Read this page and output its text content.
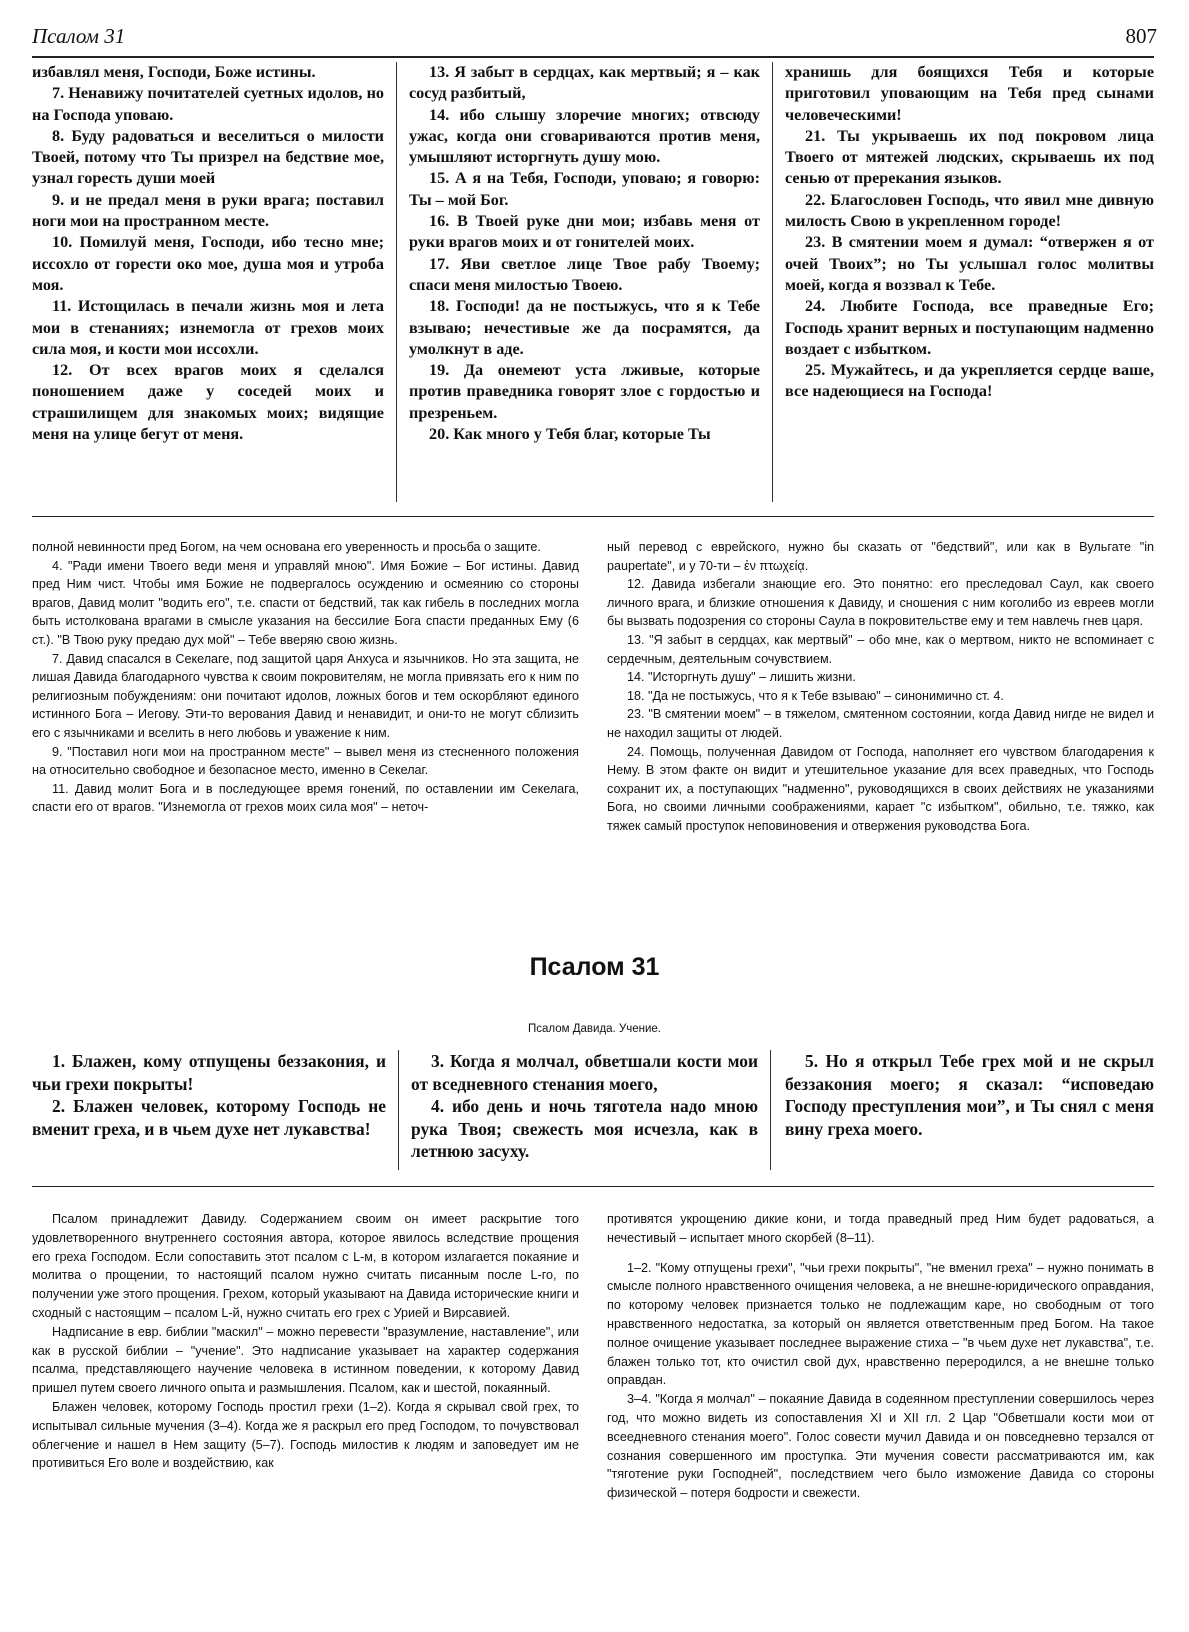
Псалом 31	807

избавлял меня, Господи, Боже истины.

7. Ненавижу почитателей суетных идолов, но на Господа уповаю.

8. Буду радоваться и веселиться о милости Твоей, потому что Ты призрел на бедствие мое, узнал горесть души моей

9. и не предал меня в руки врага; поставил ноги мои на пространном месте.

10. Помилуй меня, Господи, ибо тесно мне; иссохло от горести око мое, душа моя и утроба моя.

11. Истощилась в печали жизнь моя и лета мои в стенаниях; изнемогла от грехов моих сила моя, и кости мои иссохли.

12. От всех врагов моих я сделался поношением даже у соседей моих и страшилищем для знакомых моих; видящие меня на улице бегут от меня.

13. Я забыт в сердцах, как мертвый; я – как сосуд разбитый,

14. ибо слышу злоречие многих; отвсюду ужас, когда они сговариваются против меня, умышляют исторгнуть душу мою.

15. А я на Тебя, Господи, уповаю; я говорю: Ты – мой Бог.

16. В Твоей руке дни мои; избавь меня от руки врагов моих и от гонителей моих.

17. Яви светлое лице Твое рабу Твоему; спаси меня милостью Твоею.

18. Господи! да не постыжусь, что я к Тебе взываю; нечестивые же да посрамятся, да умолкнут в аде.

19. Да онемеют уста лживые, которые против праведника говорят злое с гордостью и презреньем.

20. Как много у Тебя благ, которые Ты

хранишь для боящихся Тебя и которые приготовил уповающим на Тебя пред сынами человеческими!

21. Ты укрываешь их под покровом лица Твоего от мятежей людских, скрываешь их под сенью от пререкания языков.

22. Благословен Господь, что явил мне дивную милость Свою в укрепленном городе!

23. В смятении моем я думал: “отвержен я от очей Твоих”; но Ты услышал голос молитвы моей, когда я воззвал к Тебе.

24. Любите Господа, все праведные Его; Господь хранит верных и поступающим надменно воздает с избытком.

25. Мужайтесь, и да укрепляется сердце ваше, все надеющиеся на Господа!

полной невинности пред Богом, на чем основана его уверенность и просьба о защите.

4. "Ради имени Твоего веди меня и управляй мною". Имя Божие – Бог истины. Давид пред Ним чист. Чтобы имя Божие не подвергалось осуждению и осмеянию со стороны врагов, Давид молит "водить его", т.е. спасти от бедствий, так как гибель в последних могла быть истолкована врагами в смысле указания на бессилие Бога спасти преданных Ему (6 ст.). "В Твою руку предаю дух мой" – Тебе вверяю свою жизнь.

7. Давид спасался в Секелаге, под защитой царя Анхуса и язычников. Но эта защита, не лишая Давида благодарного чувства к своим покровителям, не могла привязать его к ним по религиозным побуждениям: они почитают идолов, ложных богов и тем оскорбляют единого истинного Бога – Иегову. Эти-то верования Давид и ненавидит, и они-то не могут сблизить его с язычниками и вселить в него любовь и уважение к ним.

9. "Поставил ноги мои на пространном месте" – вывел меня из стесненного положения на относительно свободное и безопасное место, именно в Секелаг.

11. Давид молит Бога и в последующее время гонений, по оставлении им Секелага, спасти его от врагов. "Изнемогла от грехов моих сила моя" – неточ-

ный перевод с еврейского, нужно бы сказать от "бедствий", или как в Вульгате "in paupertate", и у 70-ти – ἐν πτωχείᾳ.

12. Давида избегали знающие его. Это понятно: его преследовал Саул, как своего личного врага, и близкие отношения к Давиду, и сношения с ним коголибо из евреев могли бы вызвать подозрения со стороны Саула в покровительстве ему и тем навлечь гнев царя.

13. "Я забыт в сердцах, как мертвый" – обо мне, как о мертвом, никто не вспоминает с сердечным, деятельным сочувствием.

14. "Исторгнуть душу" – лишить жизни.

18. "Да не постыжусь, что я к Тебе взываю" – синонимично ст. 4.

23. "В смятении моем" – в тяжелом, смятенном состоянии, когда Давид нигде не видел и не находил защиты от людей.

24. Помощь, полученная Давидом от Господа, наполняет его чувством благодарения к Нему. В этом факте он видит и утешительное указание для всех праведных, что Господь сохранит их, а поступающих "надменно", руководящихся в своих действиях не указаниями Бога, но своими личными соображениями, карает "с избытком", обильно, т.е. тяжко, как тяжек самый проступок неповиновения и отвержения руководства Бога.

Псалом 31
Псалом Давида. Учение.

1. Блажен, кому отпущены беззакония, и чьи грехи покрыты!

2. Блажен человек, которому Господь не вменит греха, и в чьем духе нет лукавства!

3. Когда я молчал, обветшали кости мои от вседневного стенания моего,

4. ибо день и ночь тяготела надо мною рука Твоя; свежесть моя исчезла, как в летнюю засуху.

5. Но я открыл Тебе грех мой и не скрыл беззакония моего; я сказал: “исповедаю Господу преступления мои”, и Ты снял с меня вину греха моего.

Псалом принадлежит Давиду. Содержанием своим он имеет раскрытие того удовлетворенного внутреннего состояния автора, которое явилось вследствие прощения его греха Господом. Если сопоставить этот псалом с L-м, в котором излагается покаяние и молитва о прощении, то настоящий псалом нужно считать писанным после L-го, по получении уже этого прощения. Грехом, который указывают на Давида исторические книги и сходный с настоящим – псалом L-й, нужно считать его грех с Урией и Вирсавией.

Надписание в евр. библии "маскил" – можно перевести "вразумление, наставление", или как в русской библии – "учение". Это надписание указывает на характер содержания псалма, представляющего научение человека в истинном поведении, к которому Давид пришел путем своего личного опыта и размышления. Псалом, как и шестой, покаянный.

Блажен человек, которому Господь простил грехи (1–2). Когда я скрывал свой грех, то испытывал сильные мучения (3–4). Когда же я раскрыл его пред Господом, то почувствовал облегчение и нашел в Нем защиту (5–7). Господь милостив к людям и заповедует им не противиться Его воле и воздействию, как

противятся укрощению дикие кони, и тогда праведный пред Ним будет радоваться, а нечестивый – испытает много скорбей (8–11).

1–2. "Кому отпущены грехи", "чьи грехи покрыты", "не вменил греха" – нужно понимать в смысле полного нравственного очищения человека, а не внешне-юридического оправдания, по которому человек признается только не подлежащим каре, но свободным от того нравственного недостатка, за который он является ответственным пред Богом. На такое полное очищение указывает последнее выражение стиха – "в чьем духе нет лукавства", т.е. блажен только тот, кто очистил свой дух, нравственно переродился, а не внешне только оправдан.

3–4. "Когда я молчал" – покаяние Давида в содеянном преступлении совершилось через год, что можно видеть из сопоставления XI и XII гл. 2 Цар "Обветшали кости мои от всеедневного стенания моего". Голос совести мучил Давида и он повседневно терзался от сознания совершенного им проступка. Эти мучения совести рассматриваются им, как "тяготение руки Господней", последствием чего было изможение Давида со стороны физической – потеря бодрости и свежести.
